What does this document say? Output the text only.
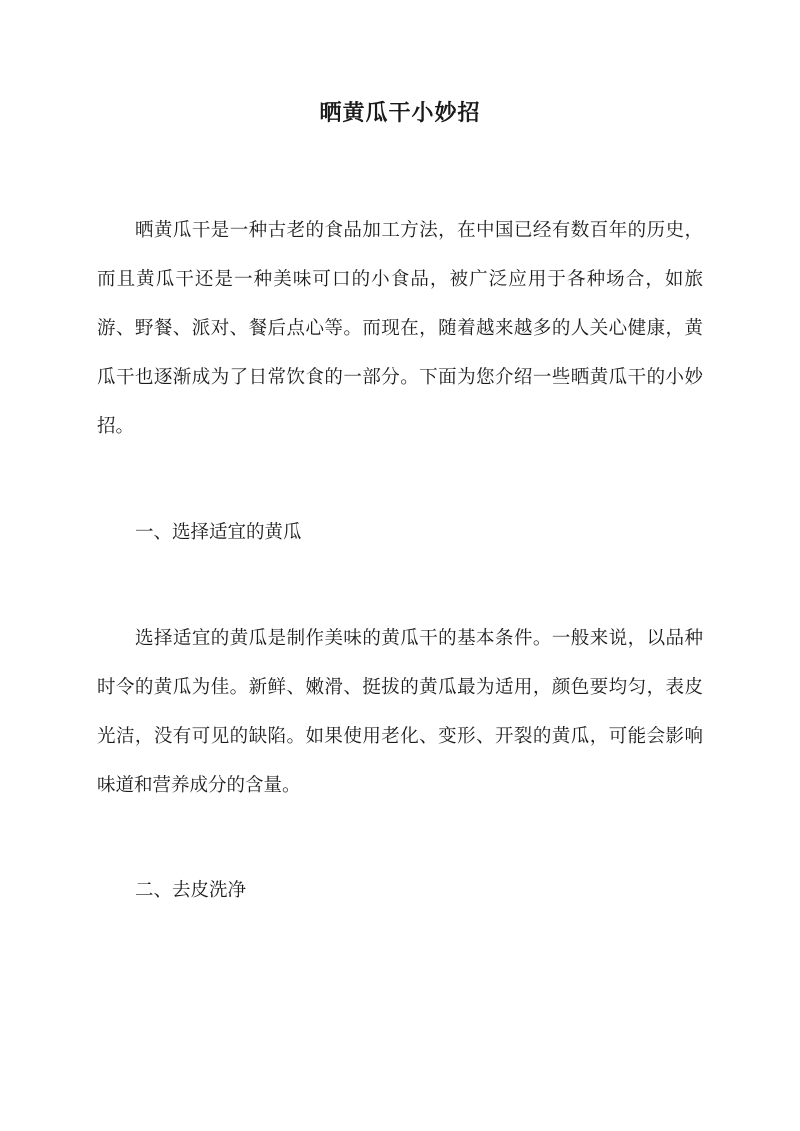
晒黄瓜干小妙招

晒黄瓜干是一种古老的食品加工方法，在中国已经有数百年的历史，而且黄瓜干还是一种美味可口的小食品，被广泛应用于各种场合，如旅游、野餐、派对、餐后点心等。而现在，随着越来越多的人关心健康，黄瓜干也逐渐成为了日常饮食的一部分。下面为您介绍一些晒黄瓜干的小妙招。

一、选择适宜的黄瓜

选择适宜的黄瓜是制作美味的黄瓜干的基本条件。一般来说，以品种时令的黄瓜为佳。新鲜、嫩滑、挺拔的黄瓜最为适用，颜色要均匀，表皮光洁，没有可见的缺陷。如果使用老化、变形、开裂的黄瓜，可能会影响味道和营养成分的含量。

二、去皮洗净
